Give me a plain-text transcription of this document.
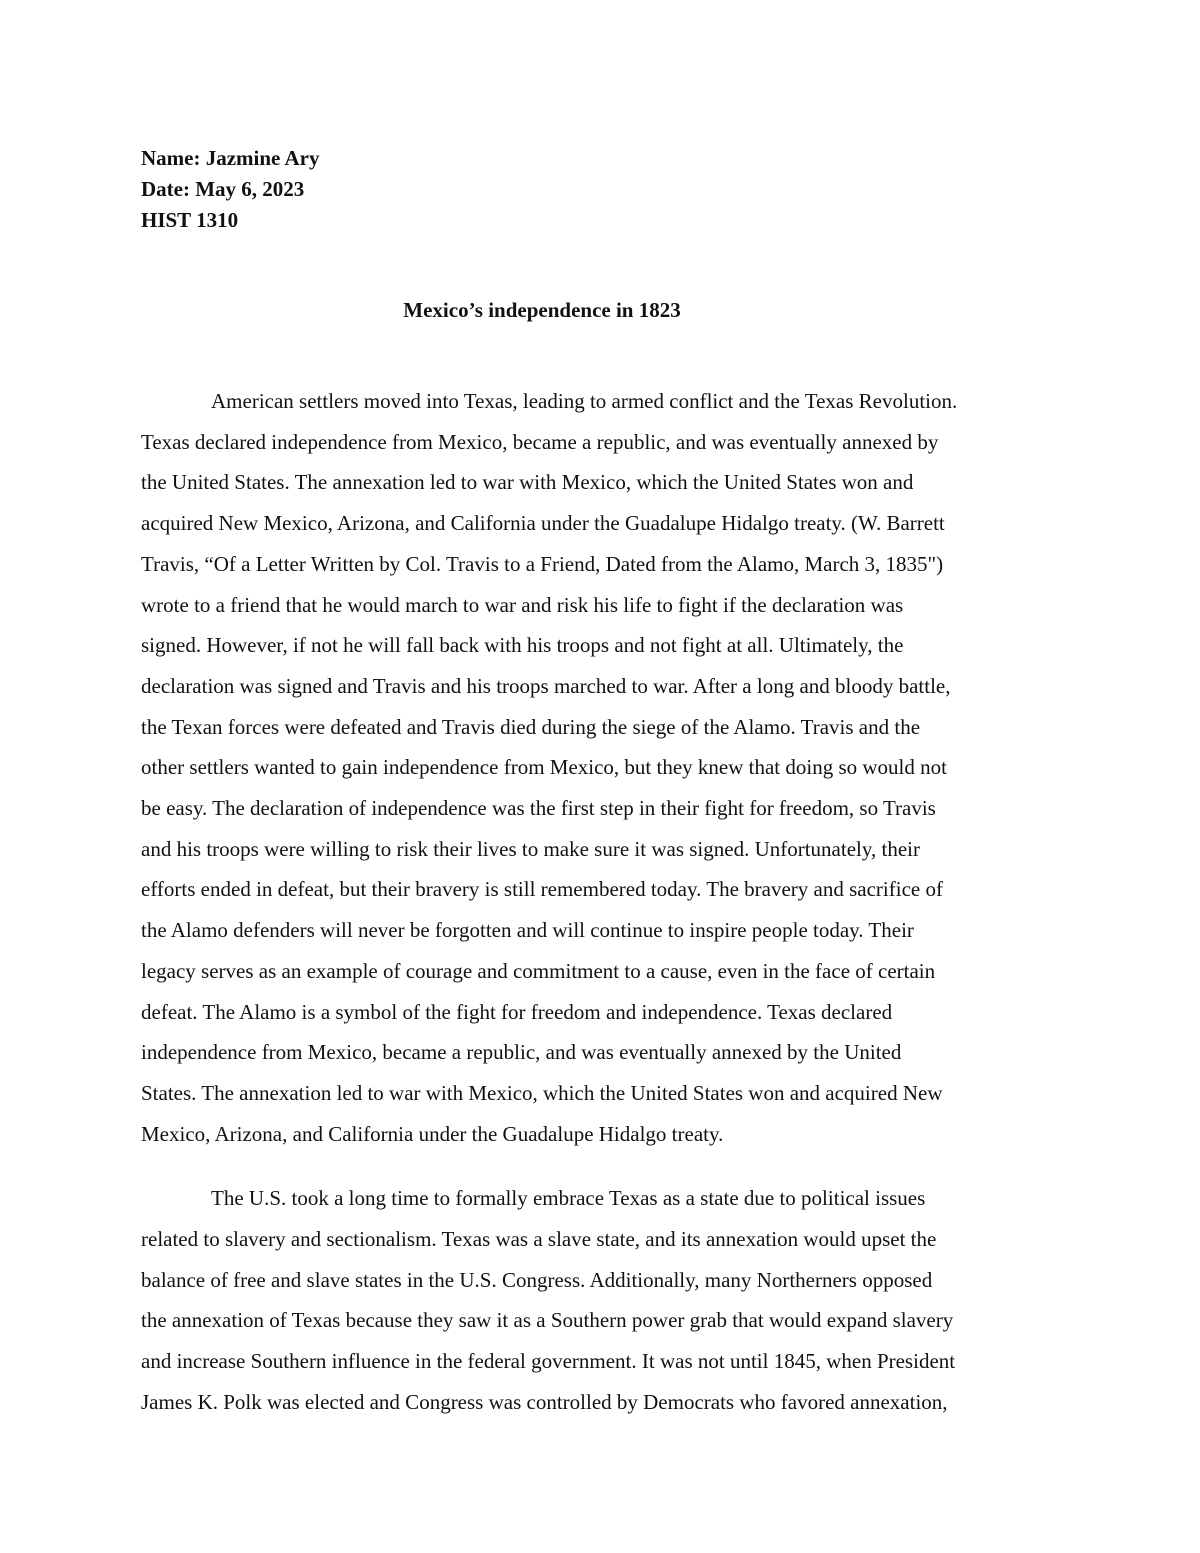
Name: Jazmine Ary
Date: May 6, 2023
HIST 1310
Mexico’s independence in 1823

American settlers moved into Texas, leading to armed conflict and the Texas Revolution.
Texas declared independence from Mexico, became a republic, and was eventually annexed by
the United States. The annexation led to war with Mexico, which the United States won and
acquired New Mexico, Arizona, and California under the Guadalupe Hidalgo treaty. (W. Barrett
Travis, “Of a Letter Written by Col. Travis to a Friend, Dated from the Alamo, March 3, 1835")
wrote to a friend that he would march to war and risk his life to fight if the declaration was
signed. However, if not he will fall back with his troops and not fight at all. Ultimately, the
declaration was signed and Travis and his troops marched to war. After a long and bloody battle,
the Texan forces were defeated and Travis died during the siege of the Alamo. Travis and the
other settlers wanted to gain independence from Mexico, but they knew that doing so would not
be easy. The declaration of independence was the first step in their fight for freedom, so Travis
and his troops were willing to risk their lives to make sure it was signed. Unfortunately, their
efforts ended in defeat, but their bravery is still remembered today. The bravery and sacrifice of
the Alamo defenders will never be forgotten and will continue to inspire people today. Their
legacy serves as an example of courage and commitment to a cause, even in the face of certain
defeat. The Alamo is a symbol of the fight for freedom and independence. Texas declared
independence from Mexico, became a republic, and was eventually annexed by the United
States. The annexation led to war with Mexico, which the United States won and acquired New
Mexico, Arizona, and California under the Guadalupe Hidalgo treaty.

The U.S. took a long time to formally embrace Texas as a state due to political issues
related to slavery and sectionalism. Texas was a slave state, and its annexation would upset the
balance of free and slave states in the U.S. Congress. Additionally, many Northerners opposed
the annexation of Texas because they saw it as a Southern power grab that would expand slavery
and increase Southern influence in the federal government. It was not until 1845, when President
James K. Polk was elected and Congress was controlled by Democrats who favored annexation,
